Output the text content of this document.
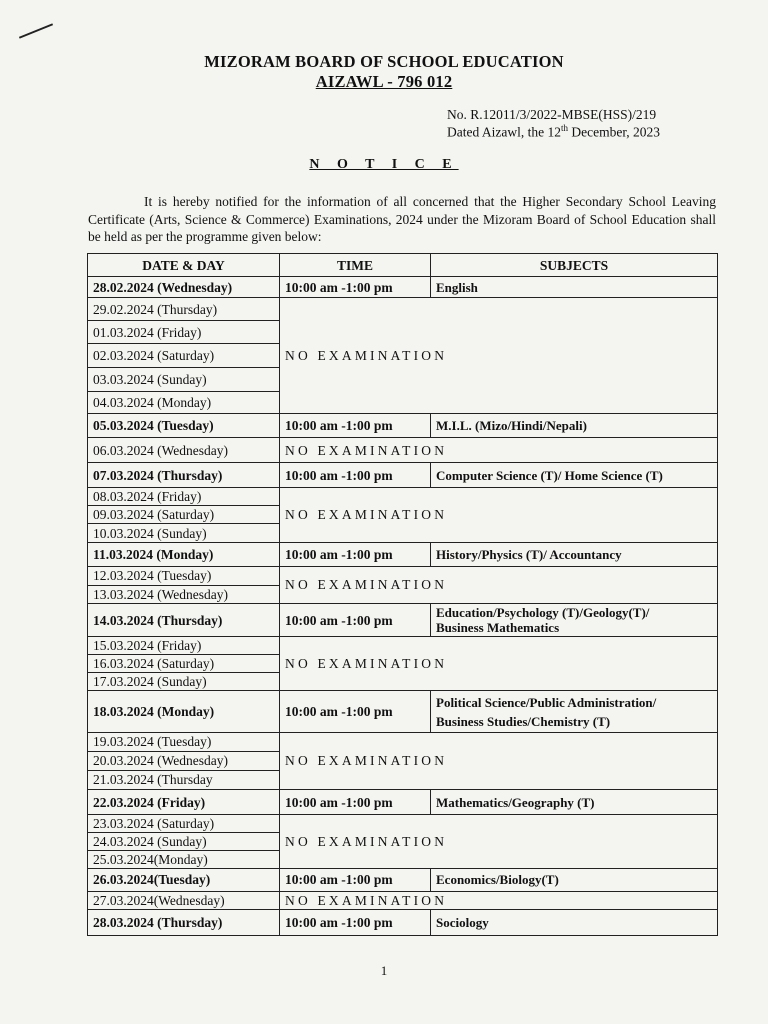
MIZORAM BOARD OF SCHOOL EDUCATION
AIZAWL - 796 012
No. R.12011/3/2022-MBSE(HSS)/219
Dated Aizawl, the 12th December, 2023
N O T I C E
It is hereby notified for the information of all concerned that the Higher Secondary School Leaving Certificate (Arts, Science & Commerce) Examinations, 2024 under the Mizoram Board of School Education shall be held as per the programme given below:
DATE & DAY	TIME	SUBJECTS
28.02.2024 (Wednesday)	10:00 am -1:00 pm	English
29.02.2024 (Thursday)	NO EXAMINATION	
01.03.2024 (Friday)		
02.03.2024 (Saturday)		
03.03.2024 (Sunday)		
04.03.2024 (Monday)		
05.03.2024 (Tuesday)	10:00 am -1:00 pm	M.I.L. (Mizo/Hindi/Nepali)
06.03.2024 (Wednesday)	NO EXAMINATION	
07.03.2024 (Thursday)	10:00 am -1:00 pm	Computer Science (T)/ Home Science (T)
08.03.2024 (Friday)	NO EXAMINATION	
09.03.2024 (Saturday)		
10.03.2024 (Sunday)		
11.03.2024 (Monday)	10:00 am -1:00 pm	History/Physics (T)/ Accountancy
12.03.2024 (Tuesday)	NO EXAMINATION	
13.03.2024 (Wednesday)		
14.03.2024 (Thursday)	10:00 am -1:00 pm	Education/Psychology (T)/Geology(T)/
Business Mathematics

15.03.2024 (Friday)	NO EXAMINATION	
16.03.2024 (Saturday)		
17.03.2024 (Sunday)		
18.03.2024 (Monday)	10:00 am -1:00 pm	Political Science/Public Administration/
Business Studies/Chemistry (T)

19.03.2024 (Tuesday)	NO EXAMINATION	
20.03.2024 (Wednesday)		
21.03.2024 (Thursday		
22.03.2024 (Friday)	10:00 am -1:00 pm	Mathematics/Geography (T)
23.03.2024 (Saturday)	NO EXAMINATION	
24.03.2024 (Sunday)		
25.03.2024(Monday)		
26.03.2024(Tuesday)	10:00 am -1:00 pm	Economics/Biology(T)
27.03.2024(Wednesday)	NO EXAMINATION	
28.03.2024 (Thursday)	10:00 am -1:00 pm	Sociology
1
